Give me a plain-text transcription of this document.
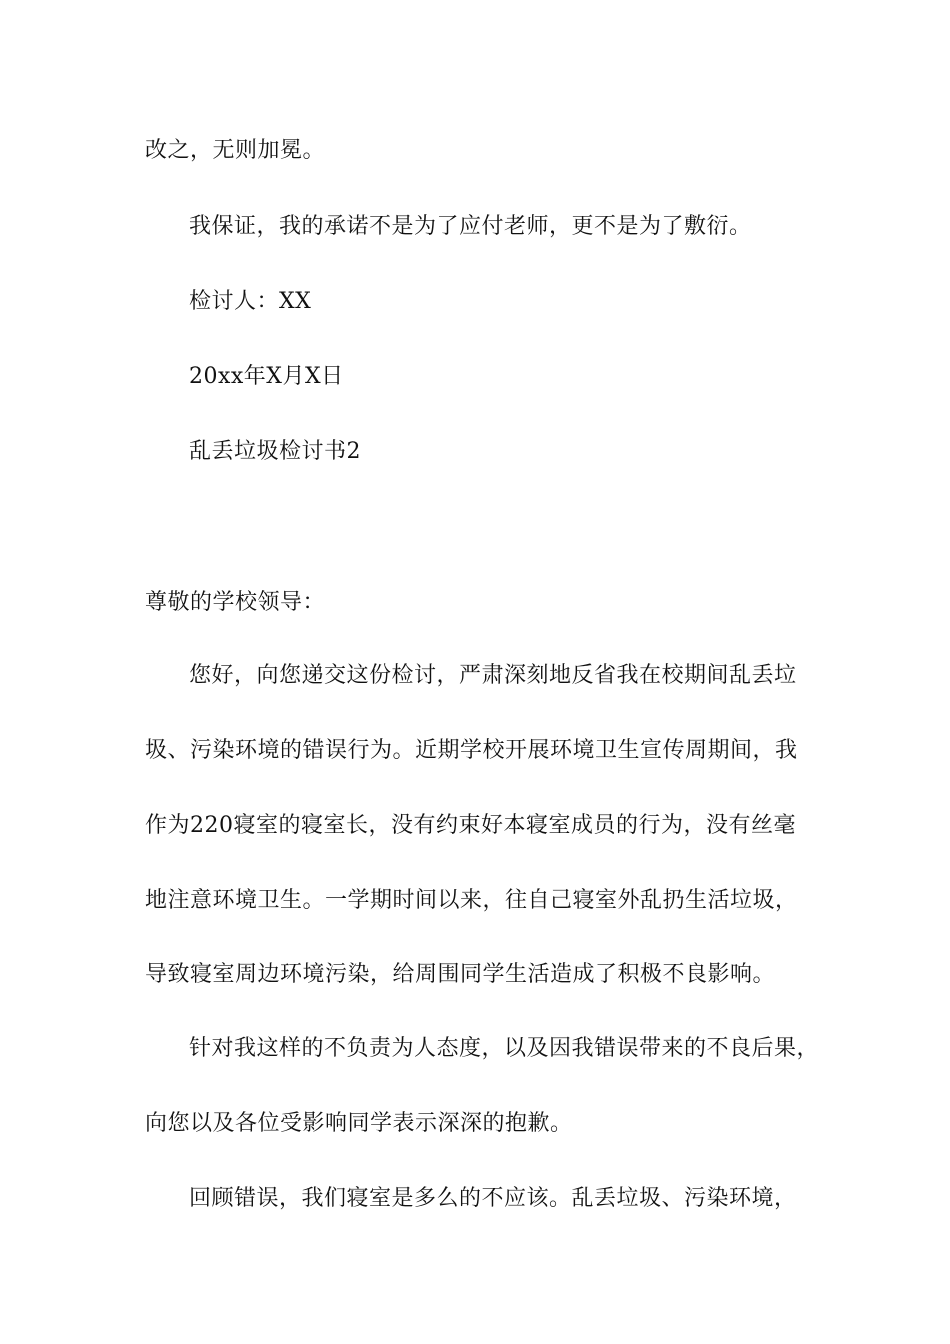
改之，无则加冕。
我保证，我的承诺不是为了应付老师，更不是为了敷衍。
检讨人：XX
20xx年X月X日
乱丢垃圾检讨书2
尊敬的学校领导：
您好，向您递交这份检讨，严肃深刻地反省我在校期间乱丢垃
圾、污染环境的错误行为。近期学校开展环境卫生宣传周期间，我
作为220寝室的寝室长，没有约束好本寝室成员的行为，没有丝毫
地注意环境卫生。一学期时间以来，往自己寝室外乱扔生活垃圾，
导致寝室周边环境污染，给周围同学生活造成了积极不良影响。
针对我这样的不负责为人态度，以及因我错误带来的不良后果，
向您以及各位受影响同学表示深深的抱歉。
回顾错误，我们寝室是多么的不应该。乱丢垃圾、污染环境，
